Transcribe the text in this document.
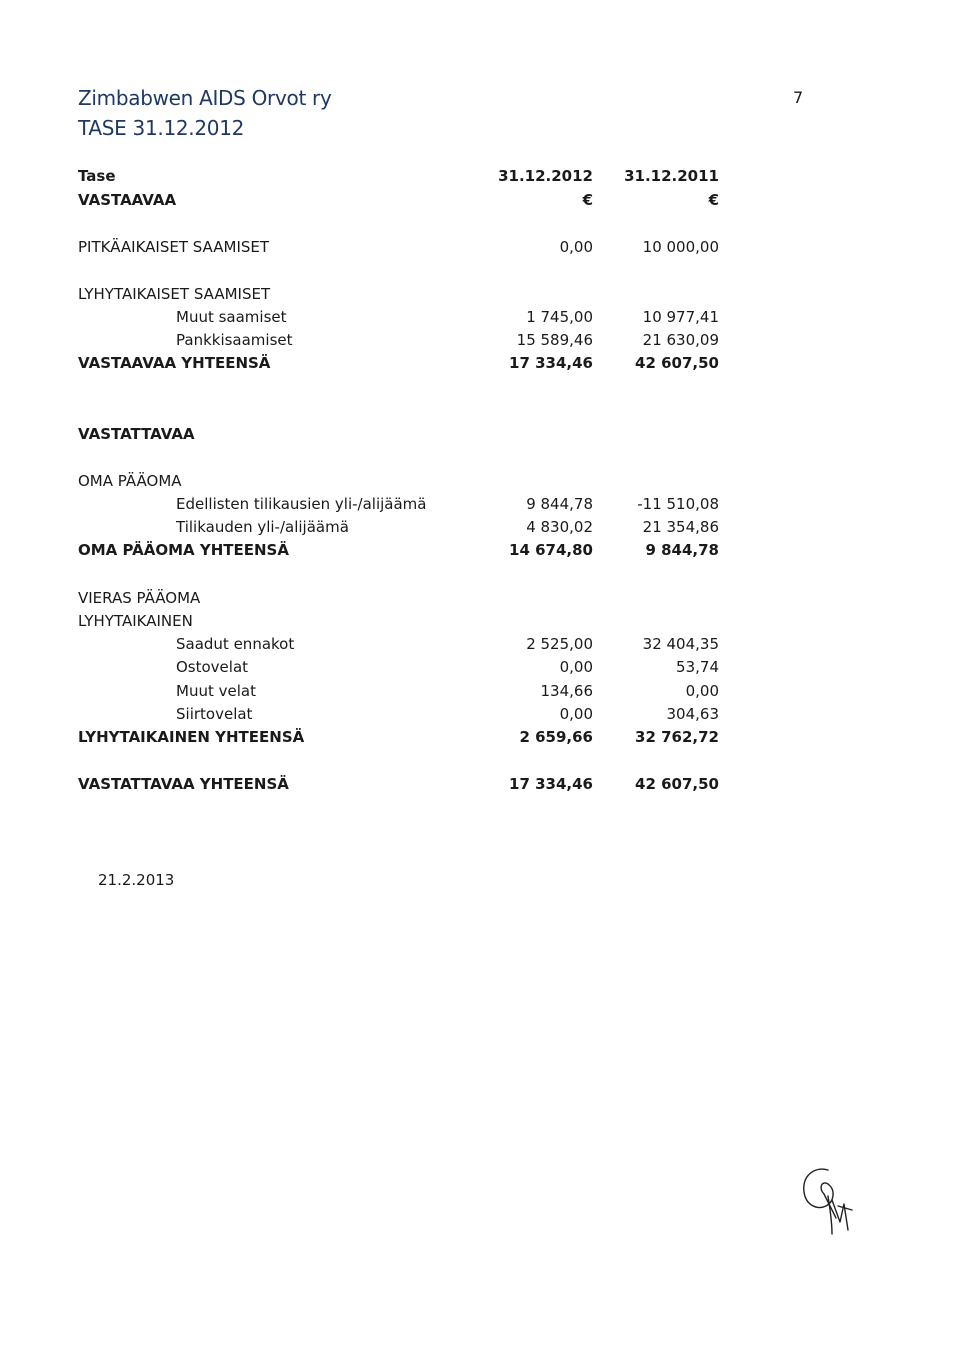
Zimbabwen AIDS Orvot ry
TASE 31.12.2012
7
Tase	31.12.2012 31.12.2011
VASTAAVAA	€	€
PITKÄAIKAISET SAAMISET	0,00	10 000,00
LYHYTAIKAISET SAAMISET
Muut saamiset	1 745,00	10 977,41
Pankkisaamiset	15 589,46	21 630,09
VASTAAVAA YHTEENSÄ	17 334,46	42 607,50
VASTATTAVAA
OMA PÄÄOMA
Edellisten tilikausien yli-/alijäämä	9 844,78	-11 510,08
Tilikauden yli-/alijäämä	4 830,02	21 354,86
OMA PÄÄOMA YHTEENSÄ	14 674,80	9 844,78
VIERAS PÄÄOMA
LYHYTAIKAINEN
Saadut ennakot	2 525,00	32 404,35
Ostovelat	0,00	53,74
Muut velat	134,66	0,00
Siirtovelat	0,00	304,63
LYHYTAIKAINEN YHTEENSÄ	2 659,66	32 762,72
VASTATTAVAA YHTEENSÄ	17 334,46	42 607,50
21.2.2013
